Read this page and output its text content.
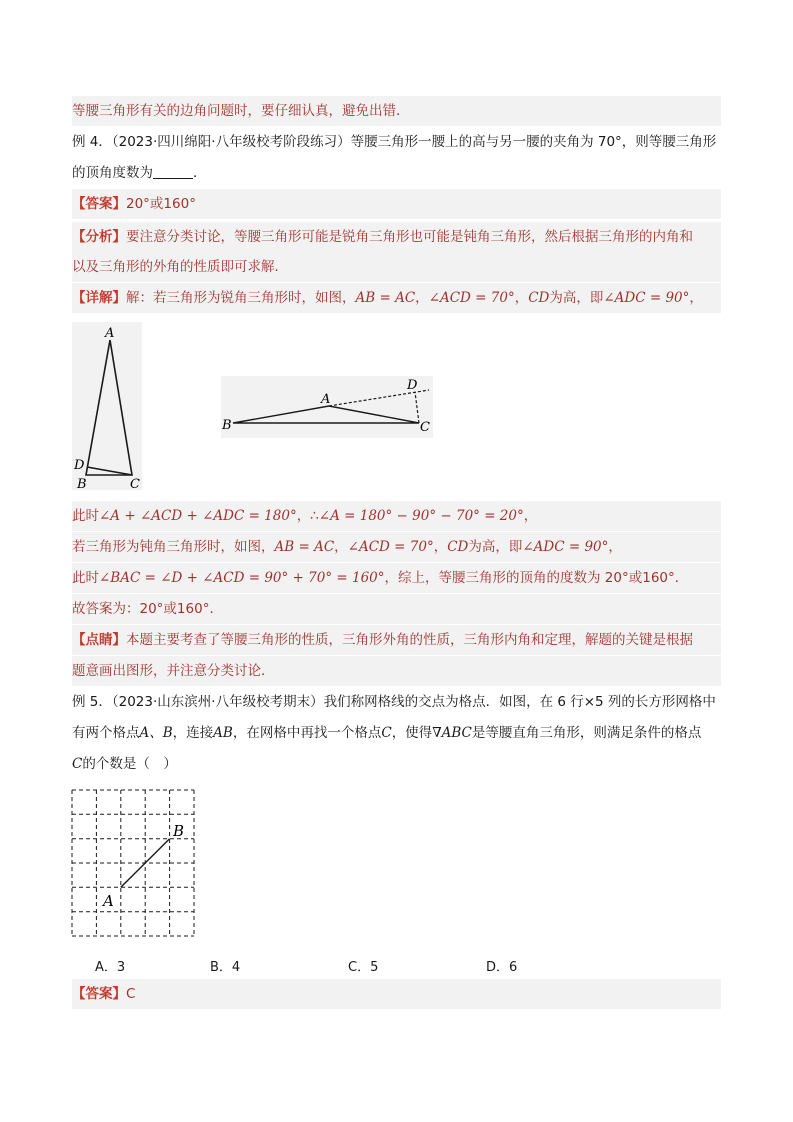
等腰三角形有关的边角问题时，要仔细认真，避免出错．
例 4．（2023·四川绵阳·八年级校考阶段练习）等腰三角形一腰上的高与另一腰的夹角为 70°，则等腰三角形
的顶角度数为	．
【答案】20°或160°
【分析】要注意分类讨论，等腰三角形可能是锐角三角形也可能是钝角三角形，然后根据三角形的内角和
以及三角形的外角的性质即可求解．
【详解】解：若三角形为锐角三角形时，如图，AB = AC，∠ACD = 70°，CD为高，即∠ADC = 90°，
A
D
B	C
A
D
B	C
此时∠A + ∠ACD + ∠ADC = 180°，∴∠A = 180° − 90° − 70° = 20°，
若三角形为钝角三角形时，如图，AB = AC，∠ACD = 70°，CD为高，即∠ADC = 90°，
此时∠BAC = ∠D + ∠ACD = 90° + 70° = 160°，综上，等腰三角形的顶角的度数为 20°或160°．
故答案为：20°或160°．
【点睛】本题主要考查了等腰三角形的性质，三角形外角的性质，三角形内角和定理，解题的关键是根据
题意画出图形，并注意分类讨论．
例 5．（2023·山东滨州·八年级校考期末）我们称网格线的交点为格点．如图，在 6 行×5 列的长方形网格中
有两个格点A、B，连接AB，在网格中再找一个格点C，使得∇ABC是等腰直角三角形，则满足条件的格点
C的个数是（　）
A
B
A．3	B．4	C．5	D．6
【答案】C
